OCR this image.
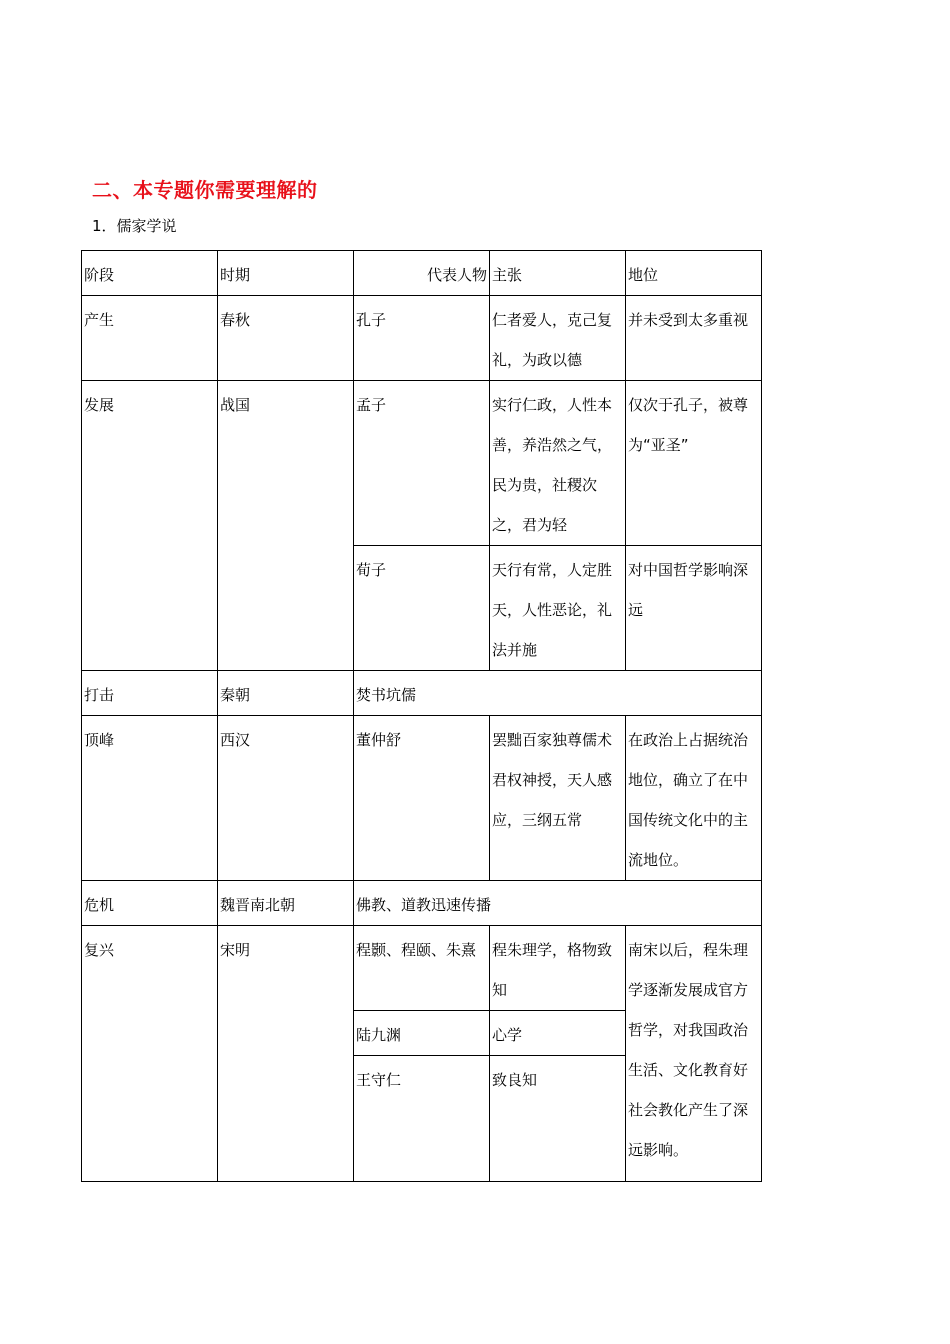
二、本专题你需要理解的

1．儒家学说

阶段	时期	代表人物	主张	地位
产生	春秋	孔子	仁者爱人，克己复礼，为政以德	并未受到太多重视
发展	战国	孟子	实行仁政，人性本善，养浩然之气，民为贵，社稷次之，君为轻	仅次于孔子，被尊为“亚圣”
		荀子	天行有常，人定胜天，人性恶论，礼法并施	对中国哲学影响深远
打击	秦朝	焚书坑儒		
顶峰	西汉	董仲舒	罢黜百家独尊儒术君权神授，天人感应，三纲五常	在政治上占据统治地位，确立了在中国传统文化中的主流地位。
危机	魏晋南北朝	佛教、道教迅速传播		
复兴	宋明	程颢、程颐、朱熹	程朱理学，格物致知	南宋以后，程朱理学逐渐发展成官方哲学，对我国政治生活、文化教育好社会教化产生了深远影响。
		陆九渊	心学	
		王守仁	致良知	
